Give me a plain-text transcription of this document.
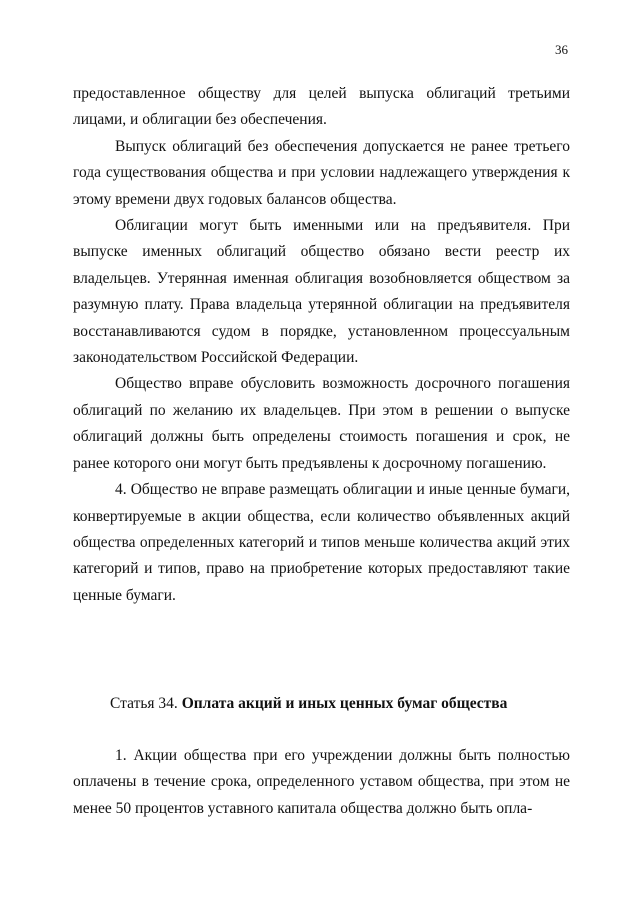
36

предоставленное обществу для целей выпуска облигаций третьими лицами, и облигации без обеспечения.

Выпуск облигаций без обеспечения допускается не ранее третьего года существования общества и при условии надлежащего утверждения к этому времени двух годовых балансов общества.

Облигации могут быть именными или на предъявителя. При выпуске именных облигаций общество обязано вести реестр их владельцев. Утерянная именная облигация возобновляется обществом за разумную плату. Права владельца утерянной облигации на предъявителя восстанавливаются судом в порядке, установленном процессуальным законодательством Российской Федерации.

Общество вправе обусловить возможность досрочного погашения облигаций по желанию их владельцев. При этом в решении о выпуске облигаций должны быть определены стоимость погашения и срок, не ранее которого они могут быть предъявлены к досрочному погашению.

4. Общество не вправе размещать облигации и иные ценные бумаги, конвертируемые в акции общества, если количество объявленных акций общества определенных категорий и типов меньше количества акций этих категорий и типов, право на приобретение которых предоставляют такие ценные бумаги.

Статья 34. Оплата акций и иных ценных бумаг общества

1. Акции общества при его учреждении должны быть полностью оплачены в течение срока, определенного уставом общества, при этом не менее 50 процентов уставного капитала общества должно быть опла-
